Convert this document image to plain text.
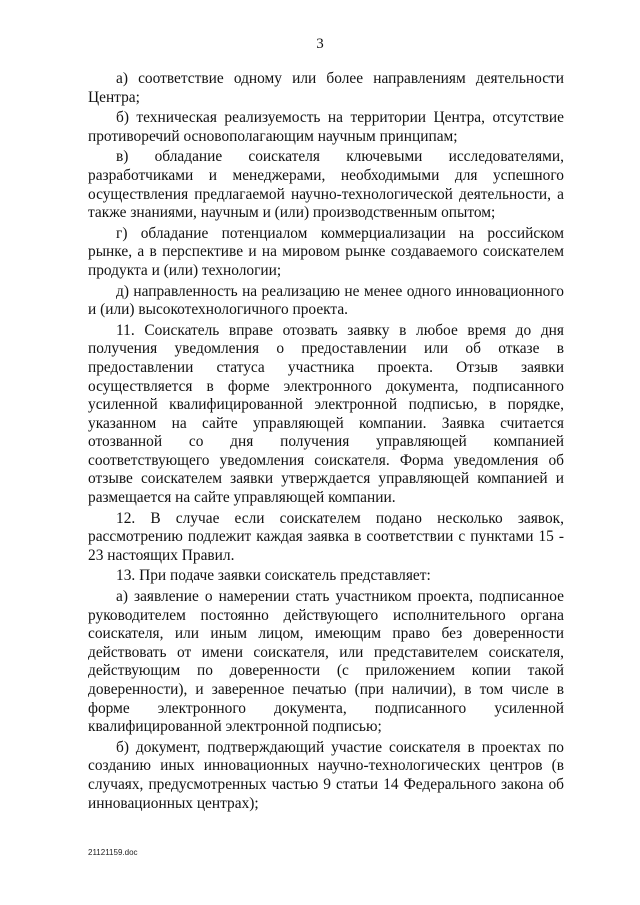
3

а) соответствие одному или более направлениям деятельности Центра;

б) техническая реализуемость на территории Центра, отсутствие противоречий основополагающим научным принципам;

в) обладание соискателя ключевыми исследователями, разработчиками и менеджерами, необходимыми для успешного осуществления предлагаемой научно-технологической деятельности, а также знаниями, научным и (или) производственным опытом;

г) обладание потенциалом коммерциализации на российском рынке, а в перспективе и на мировом рынке создаваемого соискателем продукта и (или) технологии;

д) направленность на реализацию не менее одного инновационного и (или) высокотехнологичного проекта.

11. Соискатель вправе отозвать заявку в любое время до дня получения уведомления о предоставлении или об отказе в предоставлении статуса участника проекта. Отзыв заявки осуществляется в форме электронного документа, подписанного усиленной квалифицированной электронной подписью, в порядке, указанном на сайте управляющей компании. Заявка считается отозванной со дня получения управляющей компанией соответствующего уведомления соискателя. Форма уведомления об отзыве соискателем заявки утверждается управляющей компанией и размещается на сайте управляющей компании.

12. В случае если соискателем подано несколько заявок, рассмотрению подлежит каждая заявка в соответствии с пунктами 15 - 23 настоящих Правил.

13. При подаче заявки соискатель представляет:

а) заявление о намерении стать участником проекта, подписанное руководителем постоянно действующего исполнительного органа соискателя, или иным лицом, имеющим право без доверенности действовать от имени соискателя, или представителем соискателя, действующим по доверенности (с приложением копии такой доверенности), и заверенное печатью (при наличии), в том числе в форме электронного документа, подписанного усиленной квалифицированной электронной подписью;

б) документ, подтверждающий участие соискателя в проектах по созданию иных инновационных научно-технологических центров (в случаях, предусмотренных частью 9 статьи 14 Федерального закона об инновационных центрах);

21121159.doc
